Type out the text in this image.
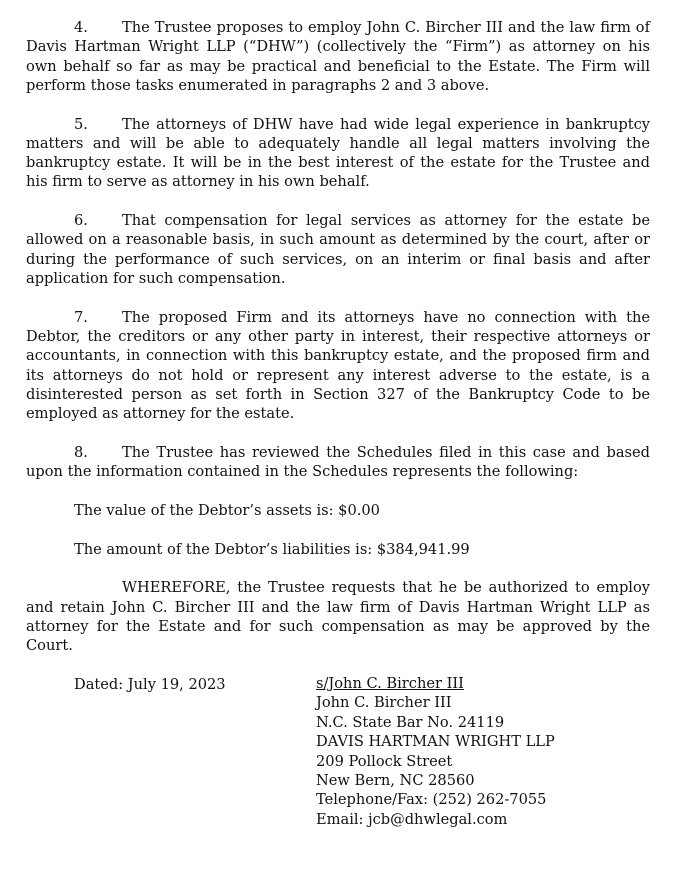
4. The Trustee proposes to employ John C. Bircher III and the law firm of Davis Hartman Wright LLP (“DHW”) (collectively the “Firm”) as attorney on his own behalf so far as may be practical and beneficial to the Estate. The Firm will perform those tasks enumerated in paragraphs 2 and 3 above.

5. The attorneys of DHW have had wide legal experience in bankruptcy matters and will be able to adequately handle all legal matters involving the bankruptcy estate. It will be in the best interest of the estate for the Trustee and his firm to serve as attorney in his own behalf.

6. That compensation for legal services as attorney for the estate be allowed on a reasonable basis, in such amount as determined by the court, after or during the performance of such services, on an interim or final basis and after application for such compensation.

7. The proposed Firm and its attorneys have no connection with the Debtor, the creditors or any other party in interest, their respective attorneys or accountants, in connection with this bankruptcy estate, and the proposed firm and its attorneys do not hold or represent any interest adverse to the estate, is a disinterested person as set forth in Section 327 of the Bankruptcy Code to be employed as attorney for the estate.

8. The Trustee has reviewed the Schedules filed in this case and based upon the information contained in the Schedules represents the following:

The value of the Debtor’s assets is: $0.00

The amount of the Debtor’s liabilities is: $384,941.99

WHEREFORE, the Trustee requests that he be authorized to employ and retain John C. Bircher III and the law firm of Davis Hartman Wright LLP as attorney for the Estate and for such compensation as may be approved by the Court.

Dated: July 19, 2023	s/John C. Bircher III
John C. Bircher III
N.C. State Bar No. 24119
DAVIS HARTMAN WRIGHT LLP
209 Pollock Street
New Bern, NC 28560
Telephone/Fax: (252) 262-7055
Email: jcb@dhwlegal.com
